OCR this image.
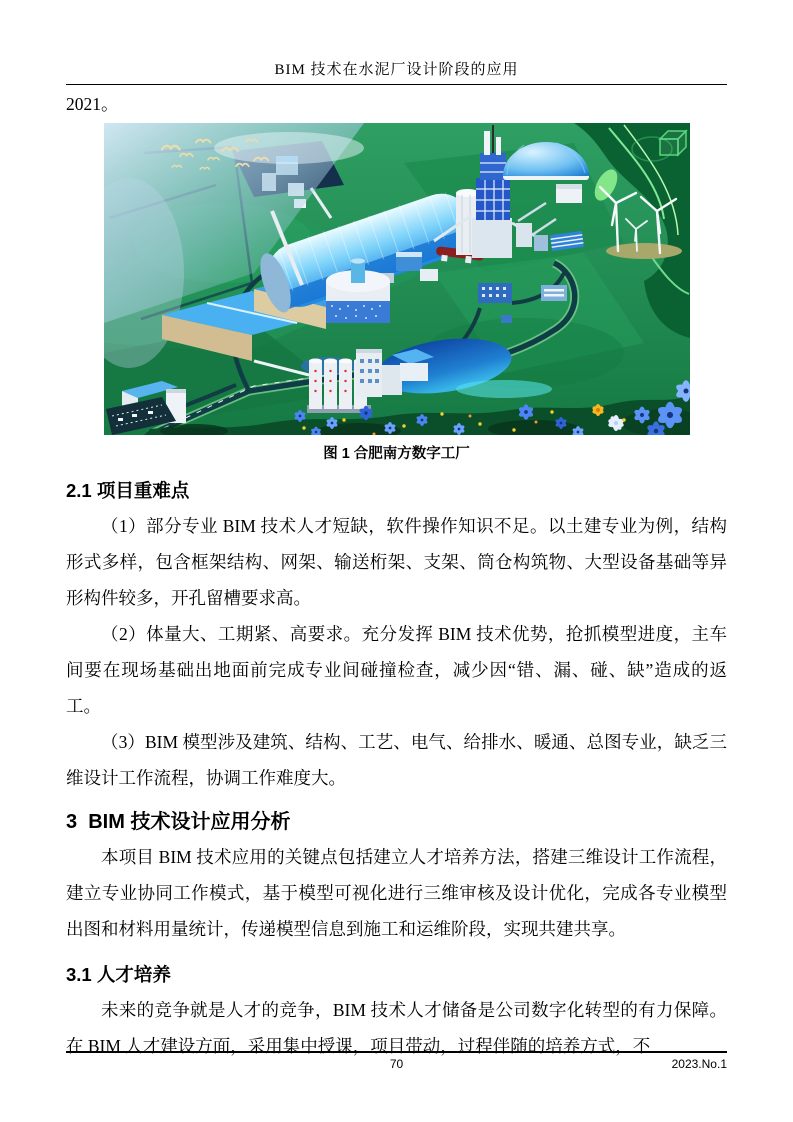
BIM 技术在水泥厂设计阶段的应用
2021。
图 1 合肥南方数字工厂
2.1 项目重难点

（1）部分专业 BIM 技术人才短缺，软件操作知识不足。以土建专业为例，结构形式多样，包含框架结构、网架、输送桁架、支架、筒仓构筑物、大型设备基础等异形构件较多，开孔留槽要求高。

（2）体量大、工期紧、高要求。充分发挥 BIM 技术优势，抢抓模型进度，主车间要在现场基础出地面前完成专业间碰撞检查，减少因“错、漏、碰、缺”造成的返工。

（3）BIM 模型涉及建筑、结构、工艺、电气、给排水、暖通、总图专业，缺乏三维设计工作流程，协调工作难度大。

3  BIM 技术设计应用分析

本项目 BIM 技术应用的关键点包括建立人才培养方法，搭建三维设计工作流程，建立专业协同工作模式，基于模型可视化进行三维审核及设计优化，完成各专业模型出图和材料用量统计，传递模型信息到施工和运维阶段，实现共建共享。

3.1 人才培养

未来的竞争就是人才的竞争，BIM 技术人才储备是公司数字化转型的有力保障。在 BIM 人才建设方面，采用集中授课，项目带动，过程伴随的培养方式，不

70	2023.No.1
